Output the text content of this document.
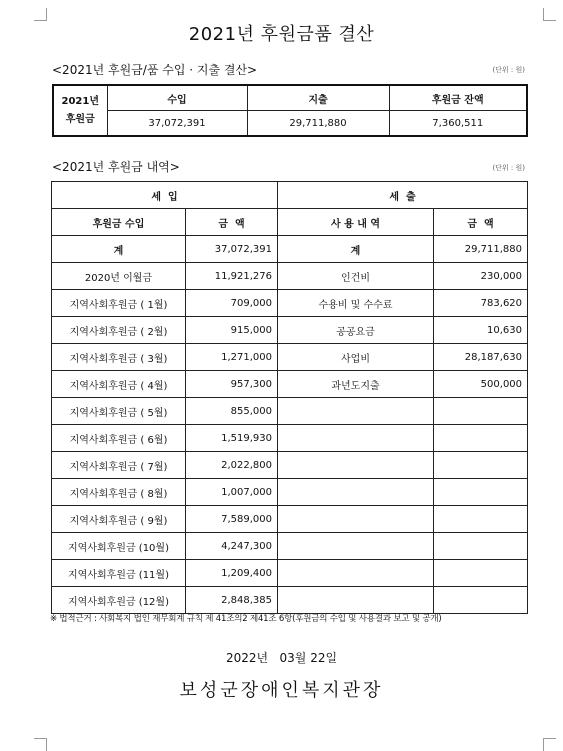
2021년 후원금품 결산
<2021년 후원금/품 수입 · 지출 결산>	(단위 : 원)
2021년
후원금	수입	지출	후원금 잔액
	37,072,391	29,711,880	7,360,511
<2021년 후원금 내역>	(단위 : 원)
세  입		세  출	
후원금 수입	금  액	사 용 내 역	금  액
계	37,072,391	계	29,711,880
2020년 이월금	11,921,276	인건비	230,000
지역사회후원금 ( 1월)	709,000	수용비 및 수수료	783,620
지역사회후원금 ( 2월)	915,000	공공요금	10,630
지역사회후원금 ( 3월)	1,271,000	사업비	28,187,630
지역사회후원금 ( 4월)	957,300	과년도지출	500,000
지역사회후원금 ( 5월)	855,000		
지역사회후원금 ( 6월)	1,519,930		
지역사회후원금 ( 7월)	2,022,800		
지역사회후원금 ( 8월)	1,007,000		
지역사회후원금 ( 9월)	7,589,000		
지역사회후원금 (10월)	4,247,300		
지역사회후원금 (11월)	1,209,400		
지역사회후원금 (12월)	2,848,385		
※ 법적근거 : 사회복지 법인 재무회계 규칙 제 41조의2 제41조 6항(후원금의 수입 및 사용결과 보고 및 공개)
2022년   03월 22일
보성군장애인복지관장
